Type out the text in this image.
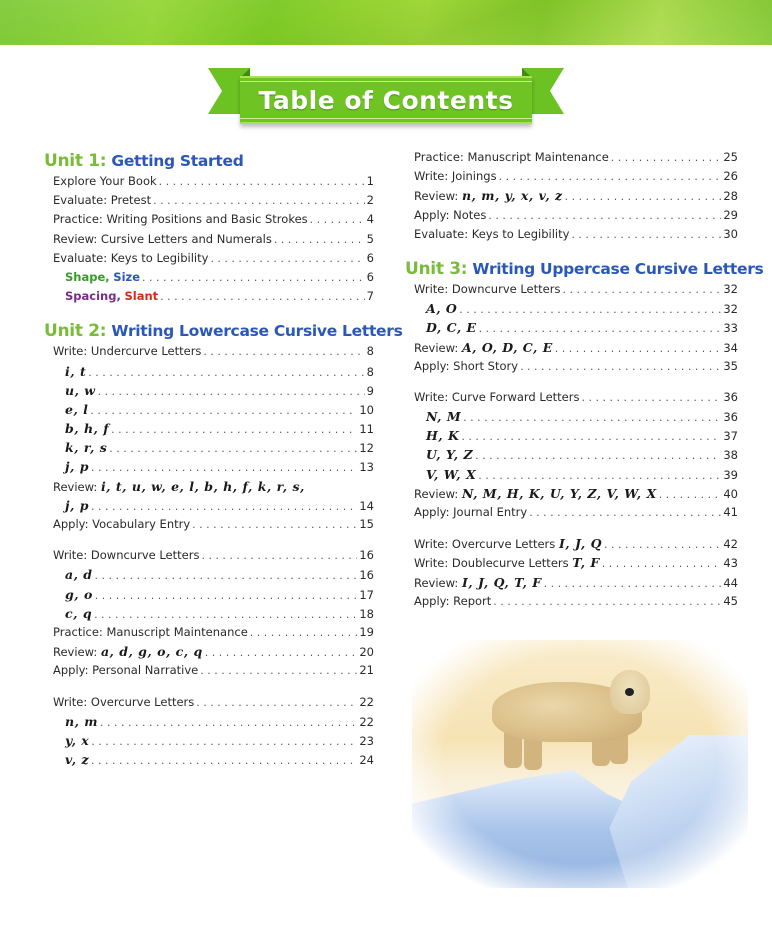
Table of Contents
Unit 1: Getting Started
Explore Your Book . . .	1
Evaluate: Pretest . . .	2
Practice: Writing Positions and Basic Strokes . . .	4
Review: Cursive Letters and Numerals . . .	5
Evaluate: Keys to Legibility . . .	6
Shape, Size . . .	6
Spacing, Slant . . .	7
Unit 2: Writing Lowercase Cursive Letters
Write: Undercurve Letters . . .	8
i, t . . .	8
u, w . . .	9
e, l . . .	10
b, h, f . . .	11
k, r, s . . .	12
j, p . . .	13
Review:
i, t, u, w, e, l, b, h, f, k, r, s,
j, p . . .	14
Apply: Vocabulary Entry . . .	15
Write: Downcurve Letters . . .	16
a, d . . .	16
g, o . . .	17
c, q . . .	18
Practice: Manuscript Maintenance . . .	19
Review:
a, d, g, o, c, q . . .	20
Apply: Personal Narrative . . .	21
Write: Overcurve Letters . . .	22
n, m . . .	22
y, x . . .	23
v, z . . .	24
Practice: Manuscript Maintenance . . .	25
Write: Joinings . . .	26
Review:
n, m, y, x, v, z . . .	28
Apply: Notes . . .	29
Evaluate: Keys to Legibility . . .	30
Unit 3: Writing Uppercase Cursive Letters
Write: Downcurve Letters . . .	32
A, O . . .	32
D, C, E . . .	33
Review:
A, O, D, C, E . . .	34
Apply: Short Story . . .	35
Write: Curve Forward Letters . . .	36
N, M . . .	36
H, K . . .	37
U, Y, Z . . .	38
V, W, X . . .	39
Review:
N, M, H, K, U, Y, Z, V, W, X . . .	40
Apply: Journal Entry . . .	41
Write: Overcurve Letters
I, J, Q . . .	42
Write: Doublecurve Letters
T, F . . .	43
Review:
I, J, Q, T, F . . .	44
Apply: Report . . .	45
